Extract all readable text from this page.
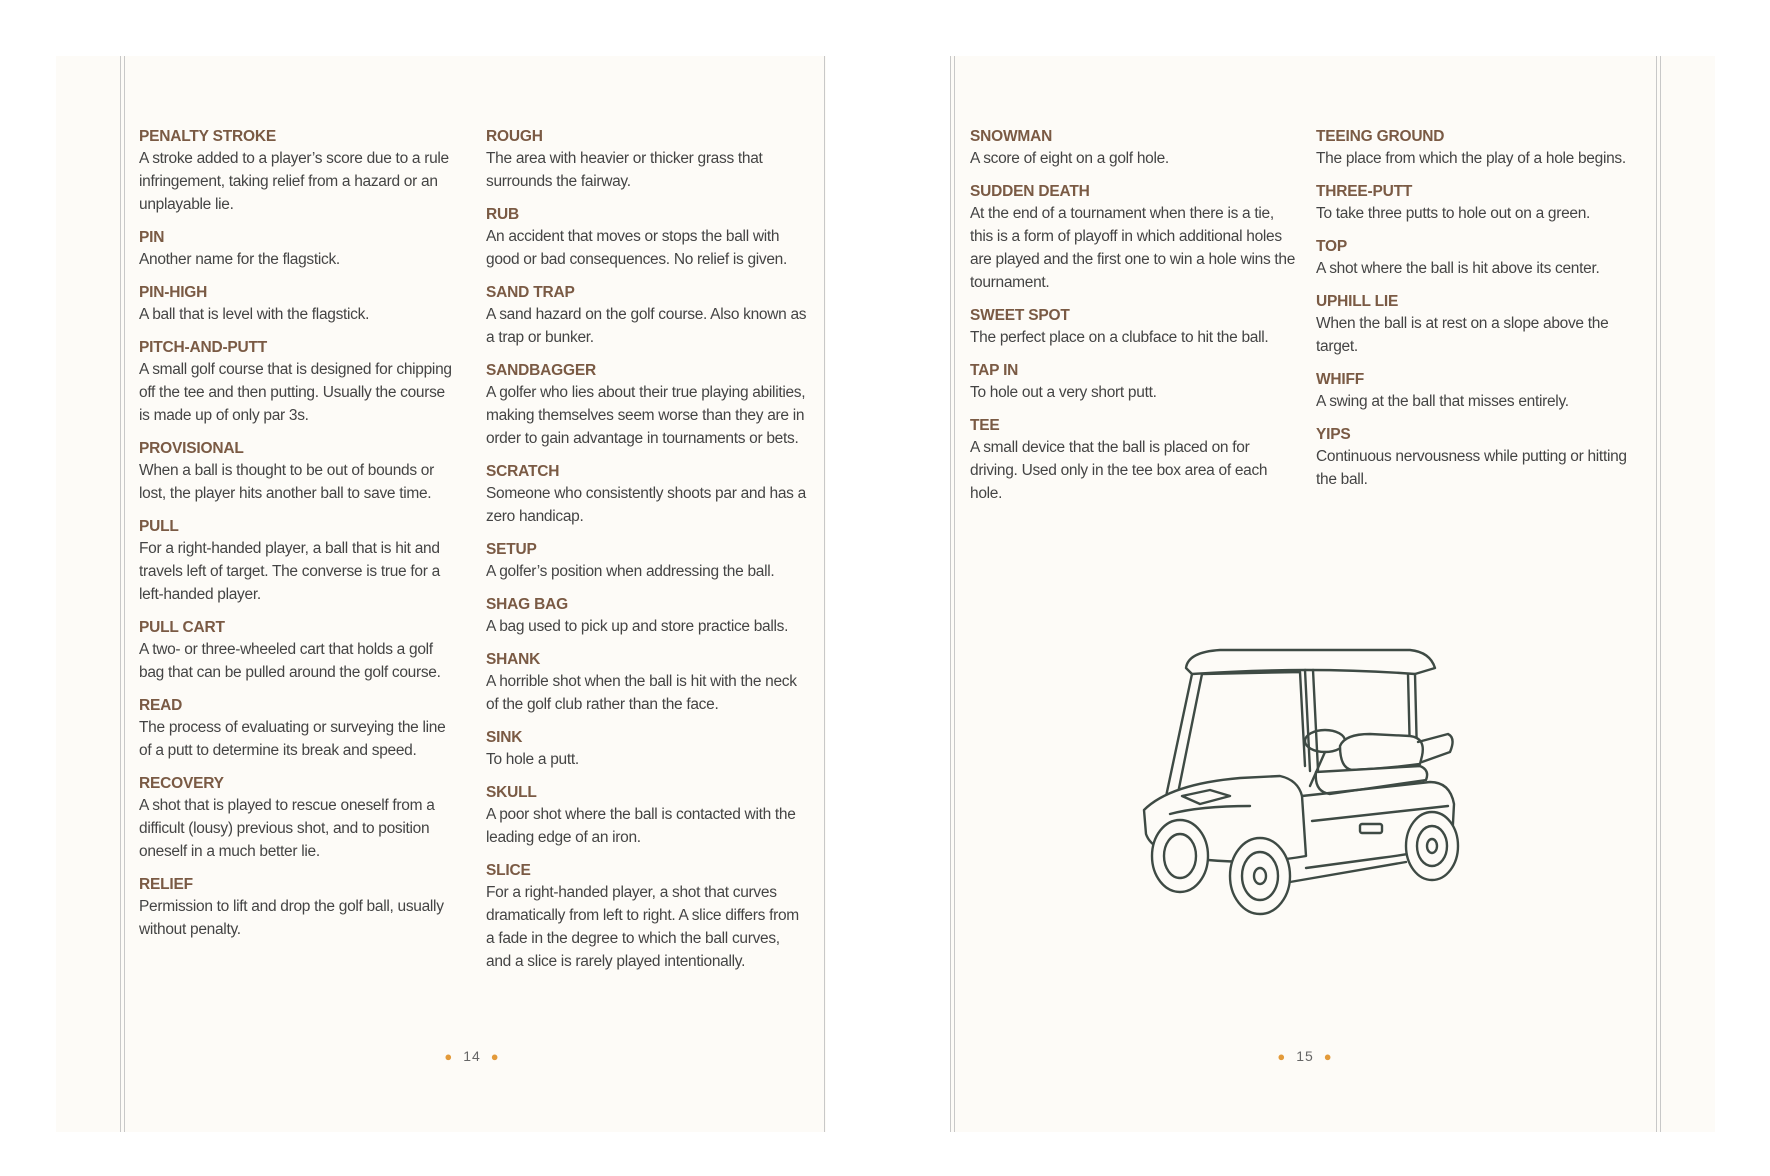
PENALTY STROKE
A stroke added to a player’s score due to a rule infringement, taking relief from a hazard or an unplayable lie.
PIN
Another name for the flagstick.
PIN-HIGH
A ball that is level with the flagstick.
PITCH-AND-PUTT
A small golf course that is designed for chipping off the tee and then putting. Usually the course is made up of only par 3s.
PROVISIONAL
When a ball is thought to be out of bounds or lost, the player hits another ball to save time.
PULL
For a right-handed player, a ball that is hit and travels left of target. The converse is true for a left-handed player.
PULL CART
A two- or three-wheeled cart that holds a golf bag that can be pulled around the golf course.
READ
The process of evaluating or surveying the line of a putt to determine its break and speed.
RECOVERY
A shot that is played to rescue oneself from a difficult (lousy) previous shot, and to position oneself in a much better lie.
RELIEF
Permission to lift and drop the golf ball, usually without penalty.
ROUGH
The area with heavier or thicker grass that surrounds the fairway.
RUB
An accident that moves or stops the ball with good or bad consequences. No relief is given.
SAND TRAP
A sand hazard on the golf course. Also known as a trap or bunker.
SANDBAGGER
A golfer who lies about their true playing abilities, making themselves seem worse than they are in order to gain advantage in tournaments or bets.
SCRATCH
Someone who consistently shoots par and has a zero handicap.
SETUP
A golfer’s position when addressing the ball.
SHAG BAG
A bag used to pick up and store practice balls.
SHANK
A horrible shot when the ball is hit with the neck of the golf club rather than the face.
SINK
To hole a putt.
SKULL
A poor shot where the ball is contacted with the leading edge of an iron.
SLICE
For a right-handed player, a shot that curves dramatically from left to right. A slice differs from a fade in the degree to which the ball curves, and a slice is rarely played intentionally.
● 14 ●
SNOWMAN
A score of eight on a golf hole.
SUDDEN DEATH
At the end of a tournament when there is a tie, this is a form of playoff in which additional holes are played and the first one to win a hole wins the tournament.
SWEET SPOT
The perfect place on a clubface to hit the ball.
TAP IN
To hole out a very short putt.
TEE
A small device that the ball is placed on for driving. Used only in the tee box area of each hole.
TEEING GROUND
The place from which the play of a hole begins.
THREE-PUTT
To take three putts to hole out on a green.
TOP
A shot where the ball is hit above its center.
UPHILL LIE
When the ball is at rest on a slope above the target.
WHIFF
A swing at the ball that misses entirely.
YIPS
Continuous nervousness while putting or hitting the ball.
● 15 ●
